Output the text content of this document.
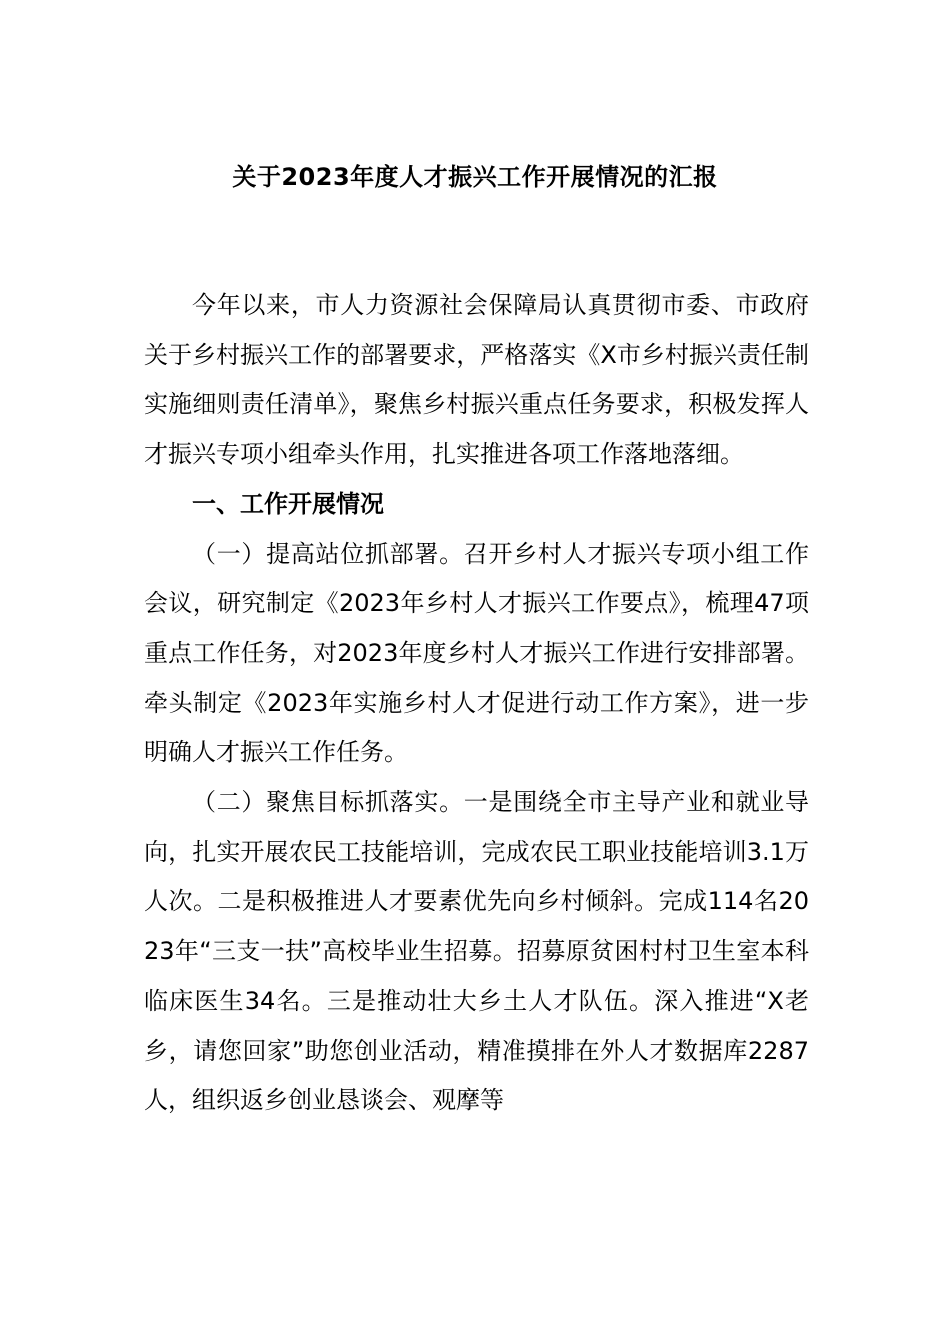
关于2023年度人才振兴工作开展情况的汇报

今年以来，市人力资源社会保障局认真贯彻市委、市政府关于乡村振兴工作的部署要求，严格落实《X市乡村振兴责任制实施细则责任清单》，聚焦乡村振兴重点任务要求，积极发挥人才振兴专项小组牵头作用，扎实推进各项工作落地落细。

一、工作开展情况

（一）提高站位抓部署。召开乡村人才振兴专项小组工作会议，研究制定《2023年乡村人才振兴工作要点》，梳理47项重点工作任务，对2023年度乡村人才振兴工作进行安排部署。牵头制定《2023年实施乡村人才促进行动工作方案》，进一步明确人才振兴工作任务。

（二）聚焦目标抓落实。一是围绕全市主导产业和就业导向，扎实开展农民工技能培训，完成农民工职业技能培训3.1万人次。二是积极推进人才要素优先向乡村倾斜。完成114名2023年“三支一扶”高校毕业生招募。招募原贫困村村卫生室本科临床医生34名。三是推动壮大乡土人才队伍。深入推进“X老乡，请您回家”助您创业活动，精准摸排在外人才数据库2287人，组织返乡创业恳谈会、观摩等
